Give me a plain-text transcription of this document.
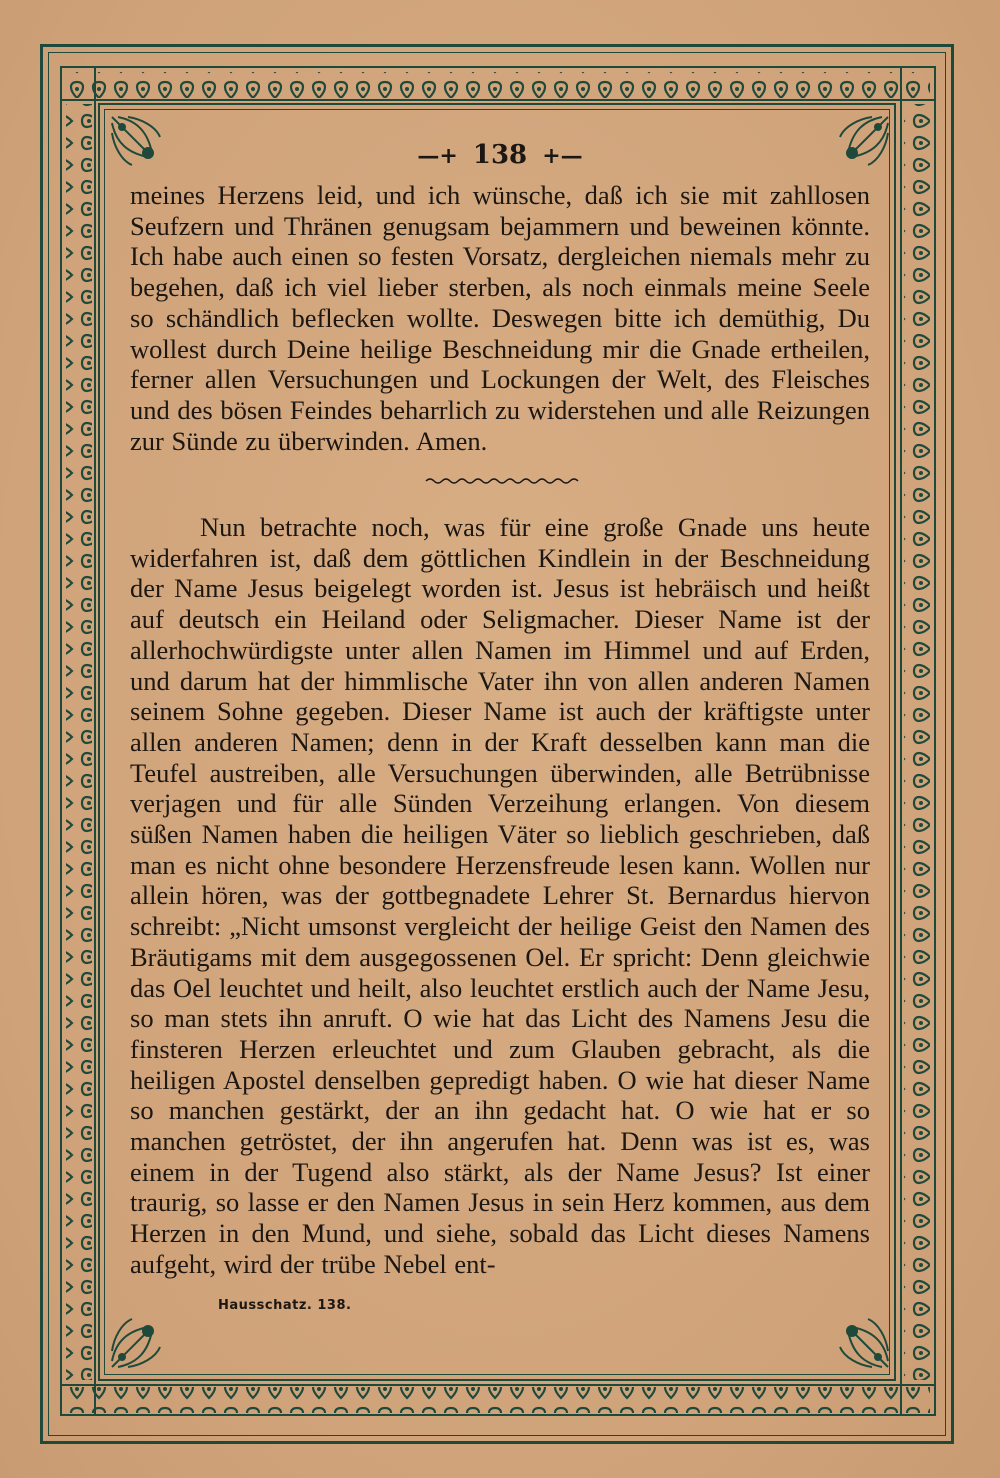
—+ 138 +—

meines Herzens leid, und ich wünsche, daß ich sie mit zahllosen Seufzern und Thränen genugsam bejammern und beweinen könnte. Ich habe auch einen so festen Vorsatz, dergleichen niemals mehr zu begehen, daß ich viel lieber sterben, als noch einmals meine Seele so schändlich beflecken wollte. Deswegen bitte ich demüthig, Du wollest durch Deine heilige Beschneidung mir die Gnade ertheilen, ferner allen Versuchungen und Lockungen der Welt, des Fleisches und des bösen Feindes beharrlich zu widerstehen und alle Reizungen zur Sünde zu überwinden. Amen.

Nun betrachte noch, was für eine große Gnade uns heute widerfahren ist, daß dem göttlichen Kindlein in der Beschneidung der Name Jesus beigelegt worden ist. Jesus ist hebräisch und heißt auf deutsch ein Heiland oder Seligmacher. Dieser Name ist der allerhochwürdigste unter allen Namen im Himmel und auf Erden, und darum hat der himmlische Vater ihn von allen anderen Namen seinem Sohne gegeben. Dieser Name ist auch der kräftigste unter allen anderen Namen; denn in der Kraft desselben kann man die Teufel austreiben, alle Versuchungen überwinden, alle Betrübnisse verjagen und für alle Sünden Verzeihung erlangen. Von diesem süßen Namen haben die heiligen Väter so lieblich geschrieben, daß man es nicht ohne besondere Herzensfreude lesen kann. Wollen nur allein hören, was der gottbegnadete Lehrer St. Bernardus hiervon schreibt: „Nicht umsonst vergleicht der heilige Geist den Namen des Bräutigams mit dem ausgegossenen Oel. Er spricht: Denn gleichwie das Oel leuchtet und heilt, also leuchtet erstlich auch der Name Jesu, so man stets ihn anruft. O wie hat das Licht des Namens Jesu die finsteren Herzen erleuchtet und zum Glauben gebracht, als die heiligen Apostel denselben gepredigt haben. O wie hat dieser Name so manchen gestärkt, der an ihn gedacht hat. O wie hat er so manchen getröstet, der ihn angerufen hat. Denn was ist es, was einem in der Tugend also stärkt, als der Name Jesus? Ist einer traurig, so lasse er den Namen Jesus in sein Herz kommen, aus dem Herzen in den Mund, und siehe, sobald das Licht dieses Namens aufgeht, wird der trübe Nebel ent-

Hausschatz. 138.
